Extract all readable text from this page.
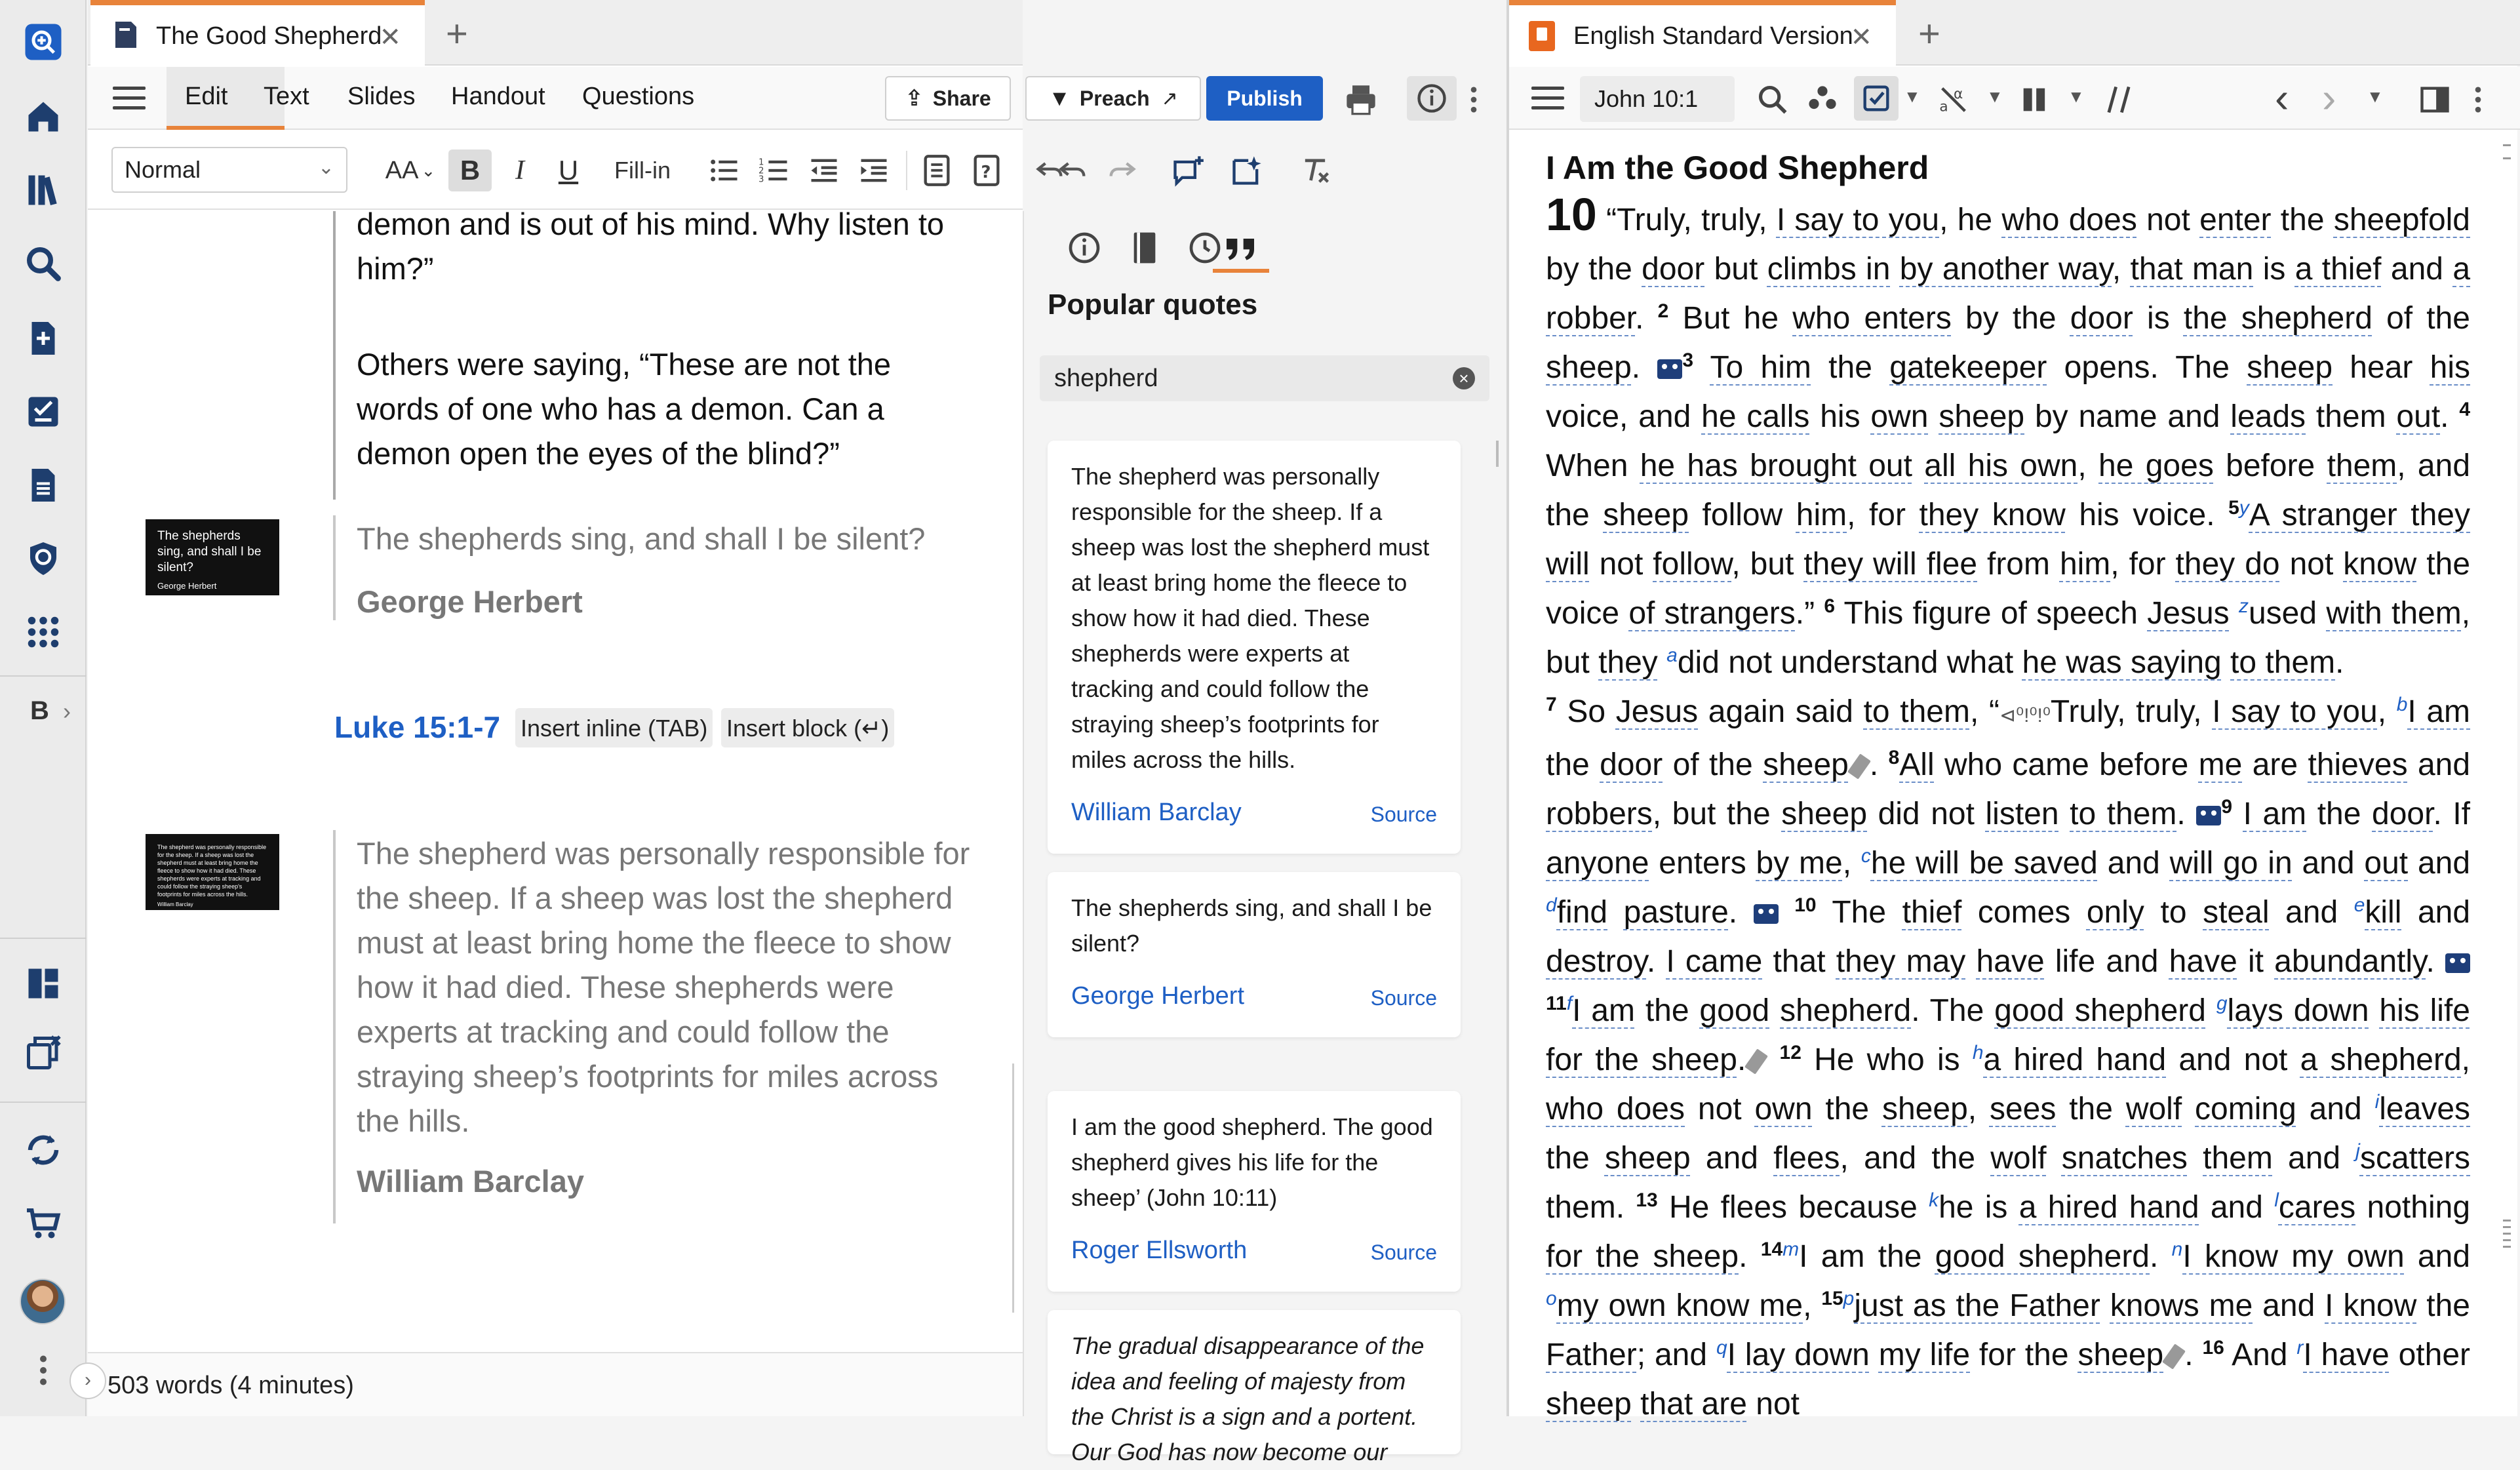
B ›
The Good Shepherd
✕ +
Edit Text Slides Handout Questions	⇪ Share	▼ Preach ↗ Publish
Normal	⌄ AA ⌄ B I U Fill-in	1
2
3	?
demon and is out of his mind. Why listen to
him?”
Others were saying, “These are not the
words of one who has a demon. Can a
demon open the eyes of the blind?”
The shepherds sing, and shall I be silent?
George Herbert
The shepherds sing, and shall I be silent?
George Herbert
Luke 15:1-7 Insert inline (TAB) Insert block (↵)
The shepherd was personally responsible for the sheep. If a sheep was lost the shepherd must at least bring home the fleece to show how it had died. These shepherds were experts at tracking and could follow the straying sheep's footprints for miles across the hills.
William Barclay
The shepherd was personally responsible for
the sheep. If a sheep was lost the shepherd
must at least bring home the fleece to show
how it had died. These shepherds were
experts at tracking and could follow the
straying sheep’s footprints for miles across
the hills.
William Barclay
503 words (4 minutes)
›
Popular quotes
shepherd	×
The shepherd was personally responsible for the sheep. If a sheep was lost the shepherd must at least bring home the fleece to show how it had died. These shepherds were experts at tracking and could follow the straying sheep’s footprints for miles across the hills.
William Barclay	Source
The shepherds sing, and shall I be silent?
George Herbert	Source
I am the good shepherd. The good shepherd gives his life for the sheep’ (John 10:11)
Roger Ellsworth	Source
The gradual disappearance of the idea and feeling of majesty from the Christ is a sign and a portent. Our God has now become our
English Standard Version
✕ +
John 10:1	▼
a
α ▼	▼	‹ › ▼
I Am the Good Shepherd
10 “Truly, truly, I say to you, he who does not enter the sheepfold by the door but climbs in by another way, that man is a thief and a robber. $^2$ But he who enters by the door is the shepherd of the sheep. $^3$ To him the gatekeeper opens. The sheep hear his voice, and he calls his own sheep by name and leads them out. $^4$ When he has brought out all his own, he goes before them, and the sheep follow him, for they know his voice. $^{5y}$A stranger they will not follow, but they will flee from him, for they do not know the voice of strangers.” $^6$ This figure of speech Jesus $^z$used with them, but they $^a$did not understand what he was saying to them.
$^7$ So Jesus again said to them, “⊲⁰ǃ⁰ǃ⁰Truly, truly, I say to you, $^b$I am the door of the sheep . $^8$All who came before me are thieves and robbers, but the sheep did not listen to them. $^9$ I am the door. If anyone enters by me, $^c$he will be saved and will go in and out and $^d$find pasture.  $^{10}$ The thief comes only to steal and $^e$kill and destroy. I came that they may have life and have it abundantly.  $^{11f}$I am the good shepherd. The good shepherd $^g$lays down his life for the sheep. $^{12}$ He who is $^h$a hired hand and not a shepherd, who does not own the sheep, sees the wolf coming and $^i$leaves the sheep and flees, and the wolf snatches them and $^j$scatters them. $^{13}$ He flees because $^k$he is a hired hand and $^l$cares nothing for the sheep. $^{14m}$I am the good shepherd. $^n$I know my own and $^o$my own know me, $^{15p}$just as the Father knows me and I know the Father; and $^q$I lay down my life for the sheep . $^{16}$ And $^r$I have other sheep that are not
